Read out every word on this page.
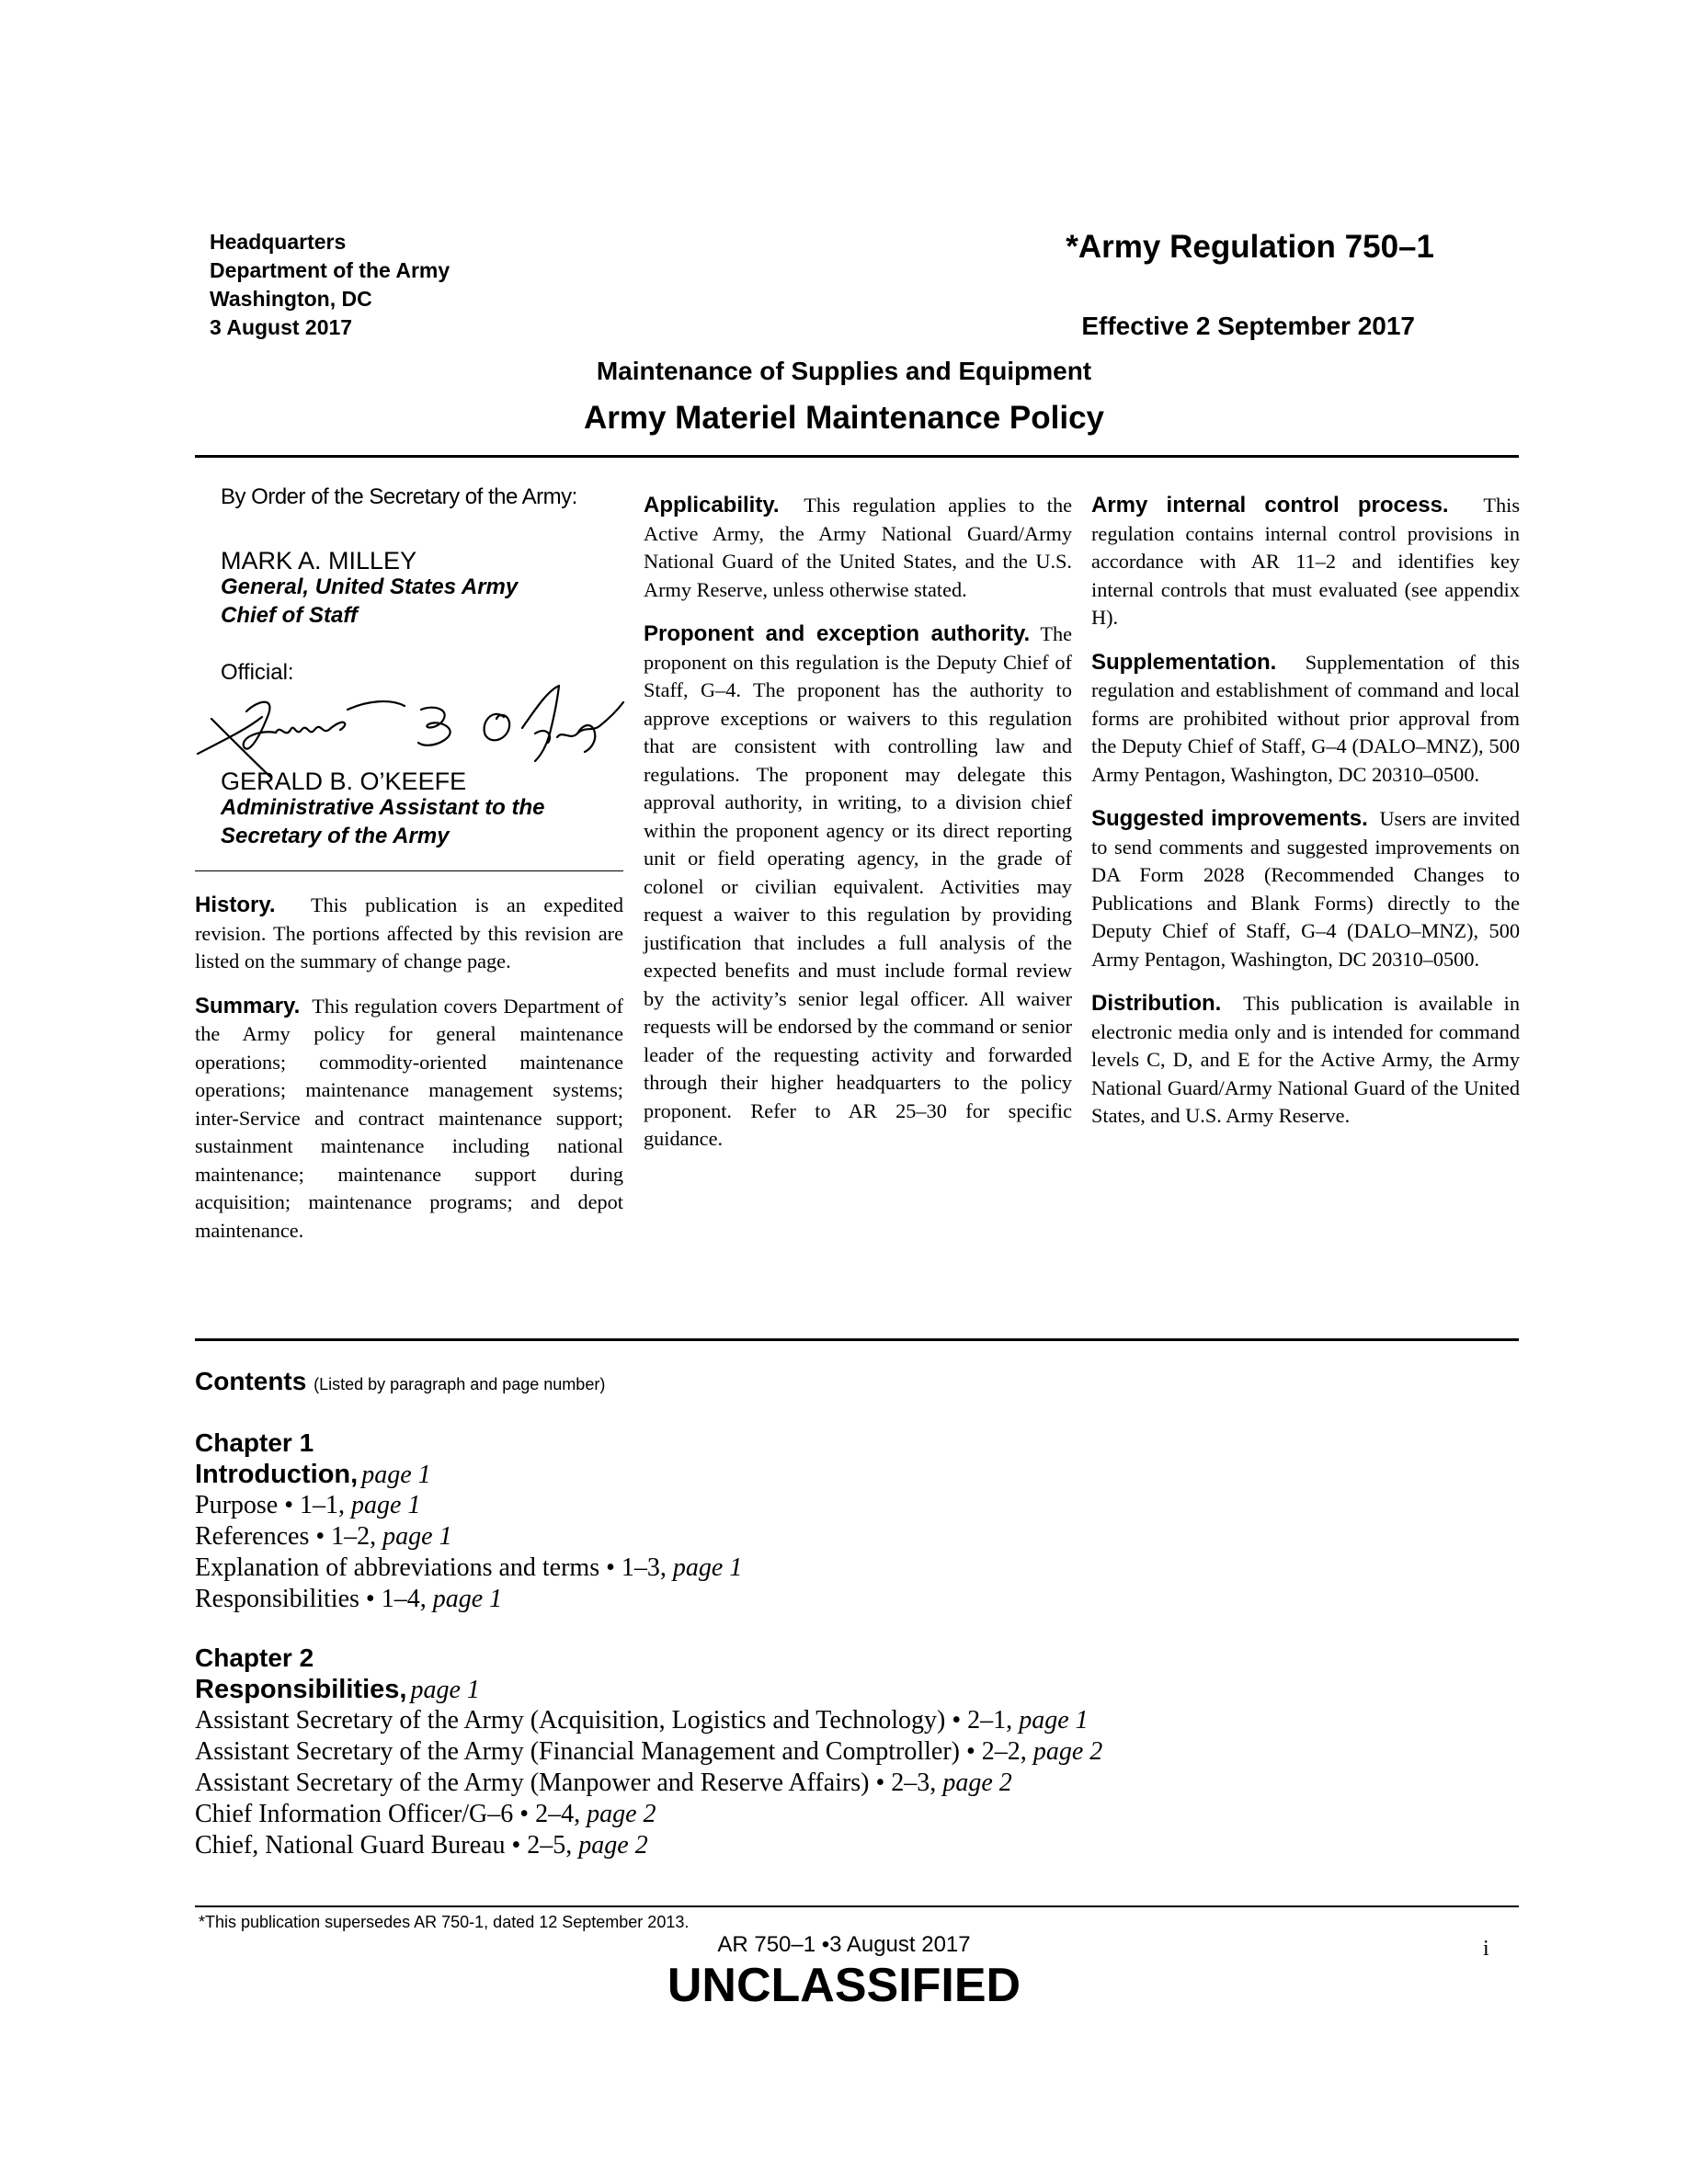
Headquarters
Department of the Army
Washington, DC
3 August 2017
*Army Regulation 750–1
Effective 2 September 2017
Maintenance of Supplies and Equipment
Army Materiel Maintenance Policy
By Order of the Secretary of the Army:
MARK A. MILLEY
General, United States Army
Chief of Staff
Official:
GERALD B. O’KEEFE
Administrative Assistant to the
Secretary of the Army

History. This publication is an expedited revision. The portions affected by this revision are listed on the summary of change page.

Summary. This regulation covers Department of the Army policy for general maintenance operations; commodity-oriented maintenance operations; maintenance management systems; inter-Service and contract maintenance support; sustainment maintenance including national maintenance; maintenance support during acquisition; maintenance programs; and depot maintenance.

Applicability. This regulation applies to the Active Army, the Army National Guard/Army National Guard of the United States, and the U.S. Army Reserve, unless otherwise stated.

Proponent and exception authority. The proponent on this regulation is the Deputy Chief of Staff, G–4. The proponent has the authority to approve exceptions or waivers to this regulation that are consistent with controlling law and regulations. The proponent may delegate this approval authority, in writing, to a division chief within the proponent agency or its direct reporting unit or field operating agency, in the grade of colonel or civilian equivalent. Activities may request a waiver to this regulation by providing justification that includes a full analysis of the expected benefits and must include formal review by the activity’s senior legal officer. All waiver requests will be endorsed by the command or senior leader of the requesting activity and forwarded through their higher headquarters to the policy proponent. Refer to AR 25–30 for specific guidance.

Army internal control process. This regulation contains internal control provisions in accordance with AR 11–2 and identifies key internal controls that must evaluated (see appendix H).

Supplementation. Supplementation of this regulation and establishment of command and local forms are prohibited without prior approval from the Deputy Chief of Staff, G–4 (DALO–MNZ), 500 Army Pentagon, Washington, DC 20310–0500.

Suggested improvements. Users are invited to send comments and suggested improvements on DA Form 2028 (Recommended Changes to Publications and Blank Forms) directly to the Deputy Chief of Staff, G–4 (DALO–MNZ), 500 Army Pentagon, Washington, DC 20310–0500.

Distribution. This publication is available in electronic media only and is intended for command levels C, D, and E for the Active Army, the Army National Guard/Army National Guard of the United States, and U.S. Army Reserve.

Contents (Listed by paragraph and page number)
Chapter 1
Introduction, page 1
Purpose • 1–1, page 1
References • 1–2, page 1
Explanation of abbreviations and terms • 1–3, page 1
Responsibilities • 1–4, page 1
Chapter 2
Responsibilities, page 1
Assistant Secretary of the Army (Acquisition, Logistics and Technology) • 2–1, page 1
Assistant Secretary of the Army (Financial Management and Comptroller) • 2–2, page 2
Assistant Secretary of the Army (Manpower and Reserve Affairs) • 2–3, page 2
Chief Information Officer/G–6 • 2–4, page 2
Chief, National Guard Bureau • 2–5, page 2
*This publication supersedes AR 750-1, dated 12 September 2013.
AR 750–1 •3 August 2017	i
UNCLASSIFIED
